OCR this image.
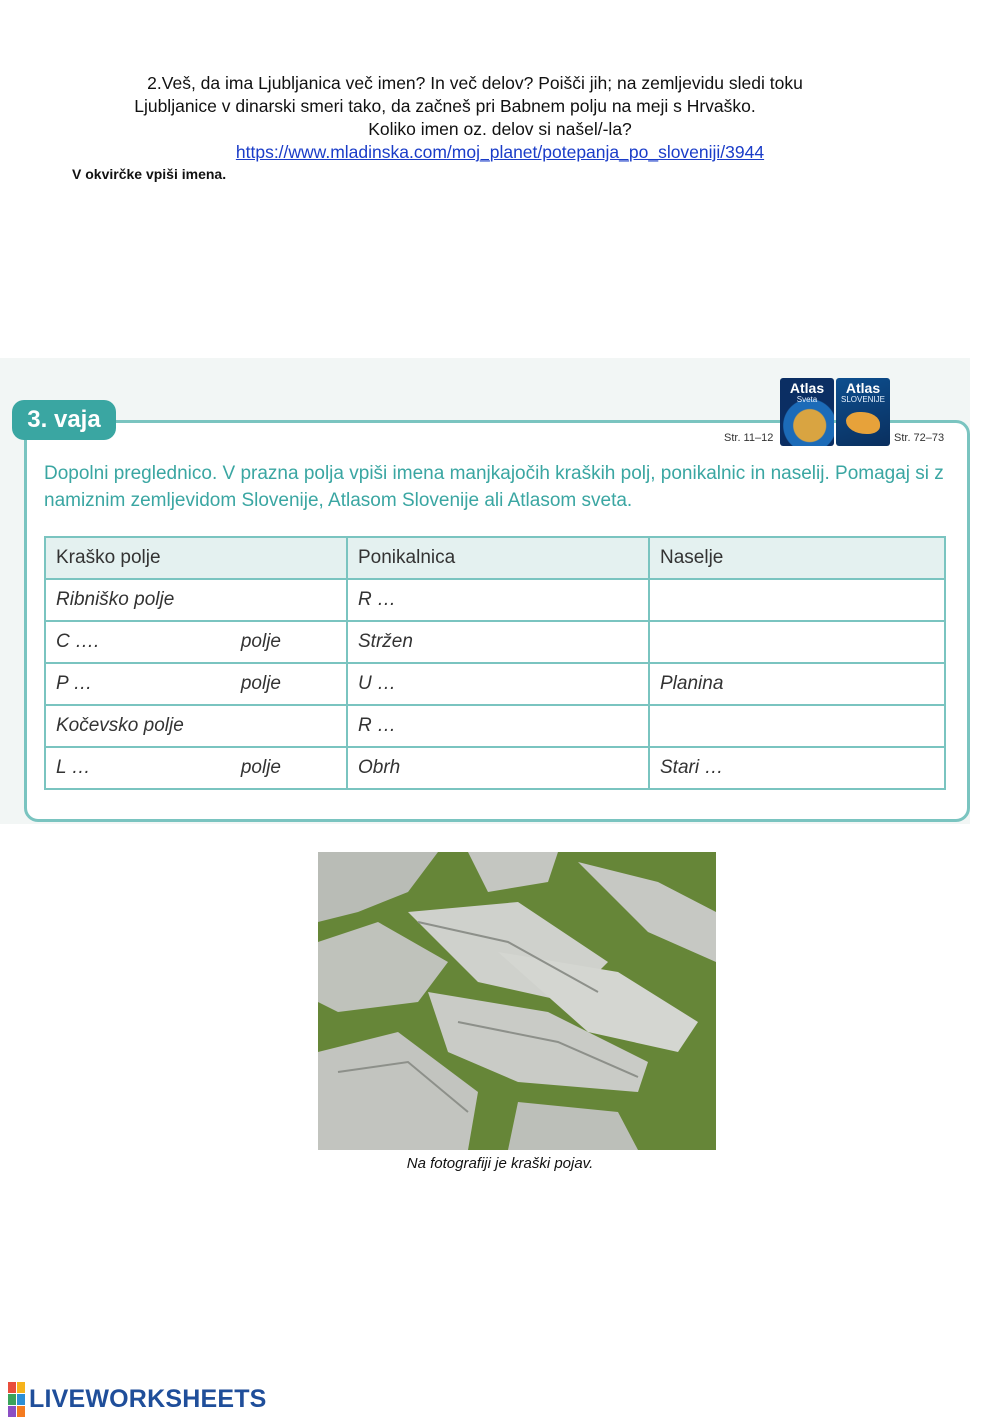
2.Veš, da ima Ljubljanica več imen? In več delov? Poišči jih; na zemljevidu sledi toku

Ljubljanice v dinarski smeri tako, da začneš pri Babnem polju na meji s Hrvaško.

Koliko imen oz. delov si našel/-la?

https://www.mladinska.com/moj_planet/potepanja_po_sloveniji/3944

V okvirčke vpiši imena.
3. vaja
Atlas
Sveta
Atlas
SLOVENIJE
Str. 11–12	Str. 72–73

Dopolni preglednico. V prazna polja vpiši imena manjkajočih kraških polj, ponikalnic in naselij. Pomagaj si z namiznim zemljevidom Slovenije, Atlasom Slovenije ali Atlasom sveta.

Kraško polje	Ponikalnica	Naselje

Ribniško polje	R …	

C …. polje	Stržen	

P … polje	U …	Planina

Kočevsko polje	R …	

L … polje	Obrh	Stari …
Na fotografiji je kraški pojav.
LIVEWORKSHEETS
